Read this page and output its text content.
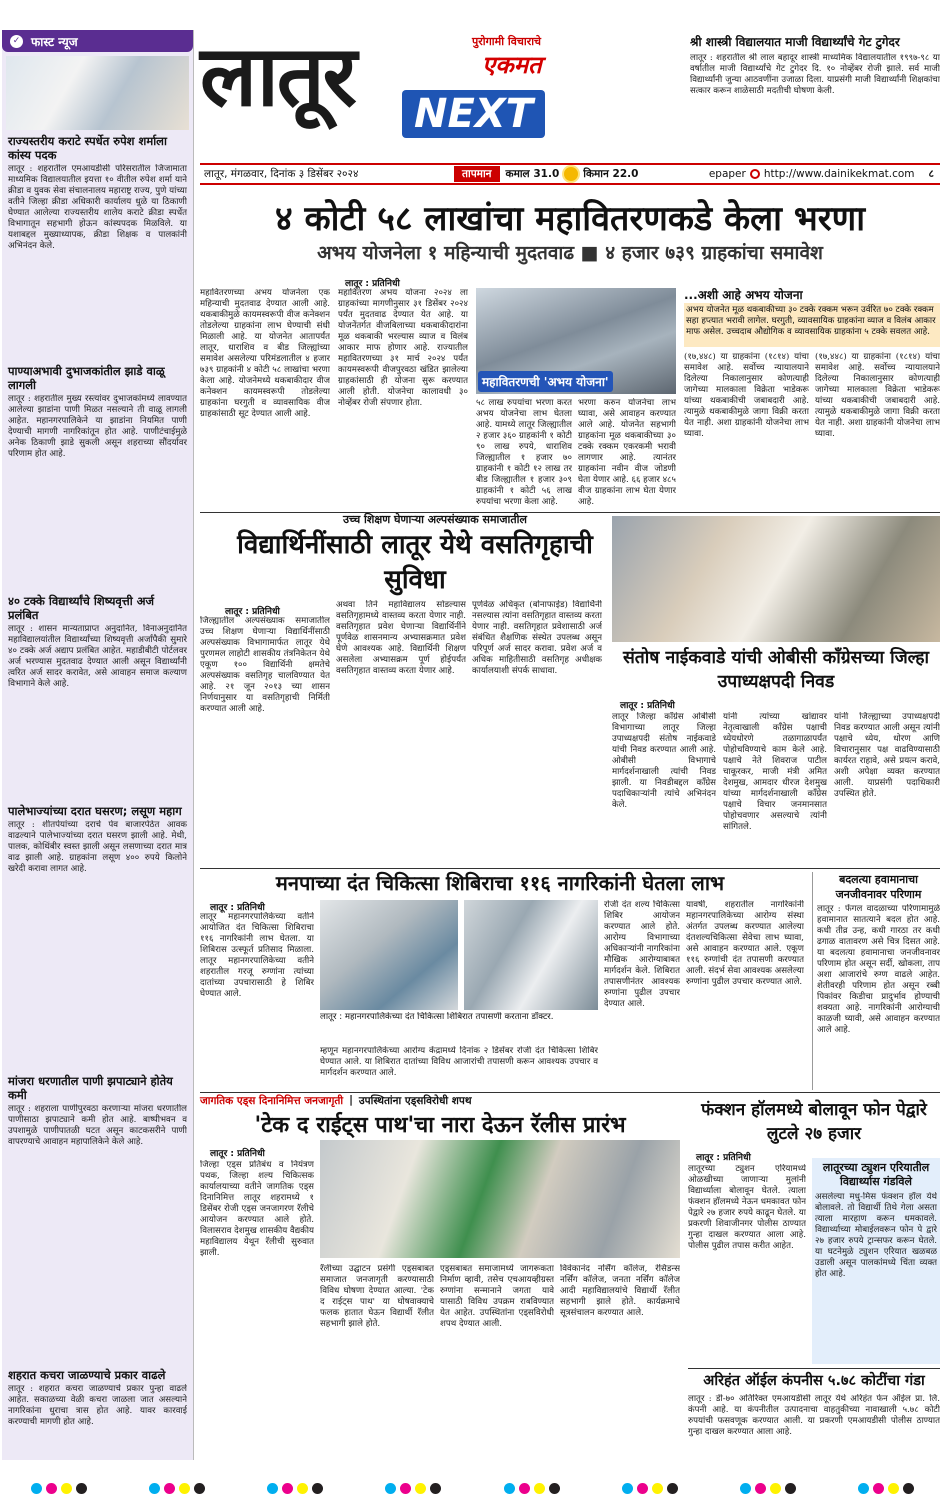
✓ फास्ट न्यूज
राज्यस्तरीय कराटे स्पर्धेत रुपेश शर्माला कांस्य पदक
लातूर : शहरातील एमआयडीसी परिसरातील जिजामाता माध्यमिक विद्यालयातील इयत्ता १० वीतील रुपेश शर्मा याने क्रीडा व युवक सेवा संचालनालय महाराष्ट्र राज्य, पुणे यांच्या वतीने जिल्हा क्रीडा अधिकारी कार्यालय धुळे या ठिकाणी घेण्यात आलेल्या राज्यस्तरीय शालेय कराटे क्रीडा स्पर्धेत विभागातून सहभागी होऊन कांस्यपदक मिळविले. या यशाबद्दल मुख्याध्यापक, क्रीडा शिक्षक व पालकांनी अभिनंदन केले.
पाण्याअभावी दुभाजकांतील झाडे वाळू लागली
लातूर : शहरातील मुख्य रस्त्यांवर दुभाजकांमध्ये लावण्यात आलेल्या झाडांना पाणी मिळत नसल्याने ती वाळू लागली आहेत. महानगरपालिकेने या झाडांना नियमित पाणी देण्याची मागणी नागरिकांतून होत आहे. पाणीटंचाईमुळे अनेक ठिकाणी झाडे सुकली असून शहराच्या सौंदर्यावर परिणाम होत आहे.
४० टक्के विद्यार्थ्यांचे शिष्यवृत्ती अर्ज प्रलंबित
लातूर : शासन मान्यताप्राप्त अनुदानित, विनाअनुदानित महाविद्यालयांतील विद्यार्थ्यांच्या शिष्यवृत्ती अर्जांपैकी सुमारे ४० टक्के अर्ज अद्याप प्रलंबित आहेत. महाडीबीटी पोर्टलवर अर्ज भरण्यास मुदतवाढ देण्यात आली असून विद्यार्थ्यांनी त्वरित अर्ज सादर करावेत, असे आवाहन समाज कल्याण विभागाने केले आहे.
पालेभाज्यांच्या दरात घसरण; लसूण महाग
लातूर : शीतपेयांच्या दराचे पेव बाजारपेठेत आवक वाढल्याने पालेभाज्यांच्या दरात घसरण झाली आहे. मेथी, पालक, कोथिंबीर स्वस्त झाली असून लसणाच्या दरात मात्र वाढ झाली आहे. ग्राहकांना लसूण ४०० रुपये किलोने खरेदी करावा लागत आहे.
मांजरा धरणातील पाणी झपाट्याने होतेय कमी
लातूर : शहराला पाणीपुरवठा करणाऱ्या मांजरा धरणातील पाणीसाठा झपाट्याने कमी होत आहे. बाष्पीभवन व उपशामुळे पाणीपातळी घटत असून काटकसरीने पाणी वापरण्याचे आवाहन महापालिकेने केले आहे.
शहरात कचरा जाळण्याचे प्रकार वाढले
लातूर : शहरात कचरा जाळण्याचे प्रकार पुन्हा वाढले आहेत. सकाळच्या वेळी कचरा जाळला जात असल्याने नागरिकांना धुराचा त्रास होत आहे. यावर कारवाई करण्याची मागणी होत आहे.
लातूर	पुरोगामी विचाराचे
एकमत
NEXT
श्री शास्त्री विद्यालयात माजी विद्यार्थ्यांचे गेट टुगेदर
लातूर : शहरातील श्री लाल बहादूर शास्त्री माध्यमिक विद्यालयातील १९९७-९८ या वर्षातील माजी विद्यार्थ्यांचे गेट टुगेदर दि. १० नोव्हेंबर रोजी झाले. सर्व माजी विद्यार्थ्यांनी जुन्या आठवणींना उजाळा दिला. याप्रसंगी माजी विद्यार्थ्यांनी शिक्षकांचा सत्कार करून शाळेसाठी मदतीची घोषणा केली.
लातूर, मंगळवार, दिनांक ३ डिसेंबर २०२४	तापमान	कमाल 31.0 किमान 22.0	epaper http://www.dainikekmat.com ८
४ कोटी ५८ लाखांचा महावितरणकडे केला भरणा
अभय योजनेला १ महिन्याची मुदतवाढ ■ ४ हजार ७३९ ग्राहकांचा समावेश
लातूर : प्रतिनिधी
महावितरणच्या अभय योजनेला एक महिन्याची मुदतवाढ देण्यात आली आहे. थकबाकीमुळे कायमस्वरूपी वीज कनेक्शन तोडलेल्या ग्राहकांना लाभ घेण्याची संधी मिळाली आहे. या योजनेत आतापर्यंत लातूर, धाराशिव व बीड जिल्ह्यांच्या समावेश असलेल्या परिमंडलातील ४ हजार ७३९ ग्राहकांनी ४ कोटी ५८ लाखांचा भरणा केला आहे. योजनेमध्ये थकबाकीदार वीज कनेक्शन कायमस्वरूपी तोडलेल्या ग्राहकांना घरगुती व व्यावसायिक वीज ग्राहकांसाठी सूट देण्यात आली आहे.
महावितरण अभय योजना २०२४ ला ग्राहकांच्या मागणीनुसार ३१ डिसेंबर २०२४ पर्यंत मुदतवाढ देण्यात येत आहे. या योजनेंतर्गत वीजबिलाच्या थकबाकीदारांना मूळ थकबाकी भरल्यास व्याज व विलंब आकार माफ होणार आहे. राज्यातील महावितरणच्या ३१ मार्च २०२४ पर्यंत कायमस्वरूपी वीजपुरवठा खंडित झालेल्या ग्राहकांसाठी ही योजना सुरू करण्यात आली होती. योजनेचा कालावधी ३० नोव्हेंबर रोजी संपणार होता.
महावितरणची 'अभय योजना'
५८ लाख रुपयांचा भरणा करत अभय योजनेचा लाभ घेतला आहे. यामध्ये लातूर जिल्ह्यातील २ हजार ३६० ग्राहकांनी १ कोटी ९० लाख रुपये, धाराशिव जिल्ह्यातील १ हजार ७० ग्राहकांनी १ कोटी १२ लाख तर बीड जिल्ह्यातील १ हजार ३०९ ग्राहकांनी १ कोटी ५६ लाख रुपयांचा भरणा केला आहे.
भरणा करुन योजनेचा लाभ घ्यावा, असे आवाहन करण्यात आले आहे. योजनेत सहभागी ग्राहकांना मूळ थकबाकीच्या ३० टक्के रक्कम एकरकमी भरावी लागणार आहे. त्यानंतर ग्राहकांना नवीन वीज जोडणी घेता येणार आहे. ६६ हजार ४८५ वीज ग्राहकांना लाभ घेता येणार आहे.
...अशी आहे अभय योजना
अभय योजनेत मूळ थकबाकीच्या ३० टक्के रक्कम भरून उर्वरित ७० टक्के रक्कम सहा हप्त्यात भरावी लागेल. घरगुती, व्यावसायिक ग्राहकांना व्याज व विलंब आकार माफ असेल. उच्चदाब औद्योगिक व व्यावसायिक ग्राहकांना ५ टक्के सवलत आहे.
(१७,४४८) या ग्राहकांना (१८१४) यांचा समावेश आहे. सर्वोच्च न्यायालयाने दिलेल्या निकालानुसार कोणत्याही जागेच्या मालकाला विक्रेता भाडेकरू यांच्या थकबाकीची जबाबदारी आहे. त्यामुळे थकबाकीमुळे जागा विक्री करता येत नाही. अशा ग्राहकांनी योजनेचा लाभ घ्यावा.
(१७,४४८) या ग्राहकांना (१८१४) यांचा समावेश आहे. सर्वोच्च न्यायालयाने दिलेल्या निकालानुसार कोणत्याही जागेच्या मालकाला विक्रेता भाडेकरू यांच्या थकबाकीची जबाबदारी आहे. त्यामुळे थकबाकीमुळे जागा विक्री करता येत नाही. अशा ग्राहकांनी योजनेचा लाभ घ्यावा.
उच्च शिक्षण घेणाऱ्या अल्पसंख्याक समाजातील
विद्यार्थिनींसाठी लातूर येथे वसतिगृहाची सुविधा
लातूर : प्रतिनिधी
जिल्ह्यातील अल्पसंख्याक समाजातील उच्च शिक्षण घेणाऱ्या विद्यार्थिनींसाठी अल्पसंख्याक विभागामार्फत लातूर येथे पुरणमल लाहोटी शासकीय तंत्रनिकेतन येथे एकूण १०० विद्यार्थिनी क्षमतेचे अल्पसंख्याक वसतिगृह चालविण्यात येत आहे. २१ जून २०१३ च्या शासन निर्णयानुसार या वसतिगृहाची निर्मिती करण्यात आली आहे.
अथवा तिने महाविद्यालय सोडल्यास वसतिगृहामध्ये वास्तव्य करता येणार नाही. वसतिगृहात प्रवेश घेणाऱ्या विद्यार्थिनींने पूर्णवेळ शासनमान्य अभ्यासक्रमात प्रवेश घेणे आवश्यक आहे. विद्यार्थिनी शिक्षण असलेला अभ्यासक्रम पूर्ण होईपर्यंत वसतिगृहात वास्तव्य करता येणार आहे.
पूर्णवेळ अधिकृत (बोनाफाईड) विद्यार्थिनी नसल्यास त्यांना वसतिगृहात वास्तव्य करता येणार नाही. वसतिगृहात प्रवेशासाठी अर्ज संबंधित शैक्षणिक संस्थेत उपलब्ध असून परिपूर्ण अर्ज सादर करावा. प्रवेश अर्ज व अधिक माहितीसाठी वसतिगृह अधीक्षक कार्यालयाशी संपर्क साधावा.
संतोष नाईकवाडे यांची ओबीसी काँग्रेसच्या जिल्हा उपाध्यक्षपदी निवड
लातूर : प्रतिनिधी
लातूर जिल्हा काँग्रेस ओबीसी विभागाच्या लातूर जिल्हा उपाध्यक्षपदी संतोष नाईकवाडे यांची निवड करण्यात आली आहे. ओबीसी विभागाचे मार्गदर्शनाखाली त्यांची निवड झाली. या निवडीबद्दल काँग्रेस पदाधिकाऱ्यांनी त्यांचे अभिनंदन केले.
यांनी त्यांच्या खांद्यावर नेतृत्वाखाली काँग्रेस पक्षाची ध्येयधोरणे तळागाळापर्यंत पोहोचविण्याचे काम केले आहे. पक्षाचे नेते शिवराज पाटील चाकूरकर, माजी मंत्री अमित देशमुख, आमदार धीरज देशमुख यांच्या मार्गदर्शनाखाली काँग्रेस पक्षाचे विचार जनमानसात पोहोचवणार असल्याचे त्यांनी सांगितले.
यांनी जिल्ह्याच्या उपाध्यक्षपदी निवड करण्यात आली असून त्यांनी पक्षाचे ध्येय, धोरण आणि विचारानुसार पक्ष वाढविण्यासाठी कार्यरत राहावे, असे प्रयत्न करावे, अशी अपेक्षा व्यक्त करण्यात आली. याप्रसंगी पदाधिकारी उपस्थित होते.
मनपाच्या दंत चिकित्सा शिबिराचा ११६ नागरिकांनी घेतला लाभ
लातूर : प्रतिनिधी
लातूर महानगरपालिकेच्या वतीने आयोजित दंत चिकित्सा शिबिराचा ११६ नागरिकांनी लाभ घेतला. या शिबिरास उत्स्फूर्त प्रतिसाद मिळाला. लातूर महानगरपालिकेच्या वतीने शहरातील गरजू रुग्णांना त्यांच्या दातांच्या उपचारासाठी हे शिबिर घेण्यात आले.
लातूर : महानगरपालिकेच्या दंत चिकित्सा शिबिरात तपासणी करताना डॉक्टर.
म्हणून महानगरपालिकेच्या आरोग्य केंद्रामध्ये दिनांक २ डिसेंबर रोजी दंत चिकित्सा शिबिर घेण्यात आले. या शिबिरात दातांच्या विविध आजारांची तपासणी करून आवश्यक उपचार व मार्गदर्शन करण्यात आले.
रोजी दंत शल्य चिकित्सा शिबिर आयोजन करण्यात आले होते. आरोग्य विभागाच्या अधिकाऱ्यांनी नागरिकांना मौखिक आरोग्याबाबत मार्गदर्शन केले. शिबिरात तपासणीनंतर आवश्यक रुग्णांना पुढील उपचार देण्यात आले.
यावर्षी, शहरातील नागरिकांनी महानगरपालिकेच्या आरोग्य संस्था अंतर्गत उपलब्ध करण्यात आलेल्या दंतशल्यचिकित्सा सेवेचा लाभ घ्यावा, असे आवाहन करण्यात आले. एकूण ११६ रुग्णांची दंत तपासणी करण्यात आली. संदर्भ सेवा आवश्यक असलेल्या रुग्णांना पुढील उपचार करण्यात आले.
बदलत्या हवामानाचा
जनजीवनावर परिणाम
लातूर : फेंगल वादळाच्या परिणामामुळे हवामानात सातत्याने बदल होत आहे. कधी तीव्र उन्ह, कधी गारठा तर कधी ढगाळ वातावरण असे चित्र दिसत आहे. या बदलत्या हवामानाचा जनजीवनावर परिणाम होत असून सर्दी, खोकला, ताप अशा आजारांचे रुग्ण वाढले आहेत. शेतीवरही परिणाम होत असून रब्बी पिकांवर किडीचा प्रादुर्भाव होण्याची शक्यता आहे. नागरिकांनी आरोग्याची काळजी घ्यावी, असे आवाहन करण्यात आले आहे.
जागतिक एड्स दिनानिमित्त जनजागृती | उपस्थितांना एड्सविरोधी शपथ
'टेक द राईट्स पाथ'चा नारा देऊन रॅलीस प्रारंभ
लातूर : प्रतिनिधी
जिल्हा एड्स प्रतिबंध व नियंत्रण पथक, जिल्हा शल्य चिकित्सक कार्यालयाच्या वतीने जागतिक एड्स दिनानिमित्त लातूर शहरामध्ये १ डिसेंबर रोजी एड्स जनजागरण रॅलीचे आयोजन करण्यात आले होते. विलासराव देशमुख शासकीय वैद्यकीय महाविद्यालय येथून रॅलीची सुरुवात झाली.
रॅलीच्या उद्घाटन प्रसंगी एड्सबाबत समाजात जनजागृती करण्यासाठी विविध घोषणा देण्यात आल्या. 'टेक द राईट्स पाथ' या घोषवाक्याचे फलक हातात घेऊन विद्यार्थी रॅलीत सहभागी झाले होते.
एड्सबाबत समाजामध्ये जागरूकता निर्माण व्हावी, तसेच एचआयव्हीग्रस्त रुग्णांना सन्मानाने जगता यावे यासाठी विविध उपक्रम राबविण्यात येत आहेत. उपस्थितांना एड्सविरोधी शपथ देण्यात आली.
विवेकानंद नर्सिंग कॉलेज, रेसिडन्स नर्सिंग कॉलेज, जनता नर्सिंग कॉलेज आदी महाविद्यालयांचे विद्यार्थी रॅलीत सहभागी झाले होते. कार्यक्रमाचे सूत्रसंचालन करण्यात आले.
फंक्शन हॉलमध्ये बोलावून फोन पेद्वारे लुटले २७ हजार
लातूर : प्रतिनिधी
लातूरच्या ट्युशन एरियामध्ये ओळखीच्या जाणाऱ्या मुलांनी विद्यार्थ्याला बोलावून घेतले. त्याला फंक्शन हॉलमध्ये नेऊन धमकावत फोन पेद्वारे २७ हजार रुपये काढून घेतले. या प्रकरणी शिवाजीनगर पोलीस ठाण्यात गुन्हा दाखल करण्यात आला आहे. पोलीस पुढील तपास करीत आहेत.
लातूरच्या ट्युशन एरियातील विद्यार्थ्यास गंडविले
असलेल्या मधु-मिस फंक्शन हॉल येथे बोलावले. तो विद्यार्थी तिथे गेला असता त्याला मारहाण करून धमकावले. विद्यार्थ्याच्या मोबाईलवरून फोन पे द्वारे २७ हजार रुपये ट्रान्सफर करून घेतले. या घटनेमुळे ट्युशन एरियात खळबळ उडाली असून पालकांमध्ये चिंता व्यक्त होत आहे.
अरिहंत ऑईल कंपनीस ५.७८ कोटींचा गंडा
लातूर : डी-७० अतिरिक्त एमआयडीसी लातूर येथे अरिहंत फेन ऑईल प्रा. लि. कंपनी आहे. या कंपनीतील उत्पादनाचा वाहतुकीच्या नावाखाली ५.७८ कोटी रुपयांची फसवणूक करण्यात आली. या प्रकरणी एमआयडीसी पोलीस ठाण्यात गुन्हा दाखल करण्यात आला आहे.
